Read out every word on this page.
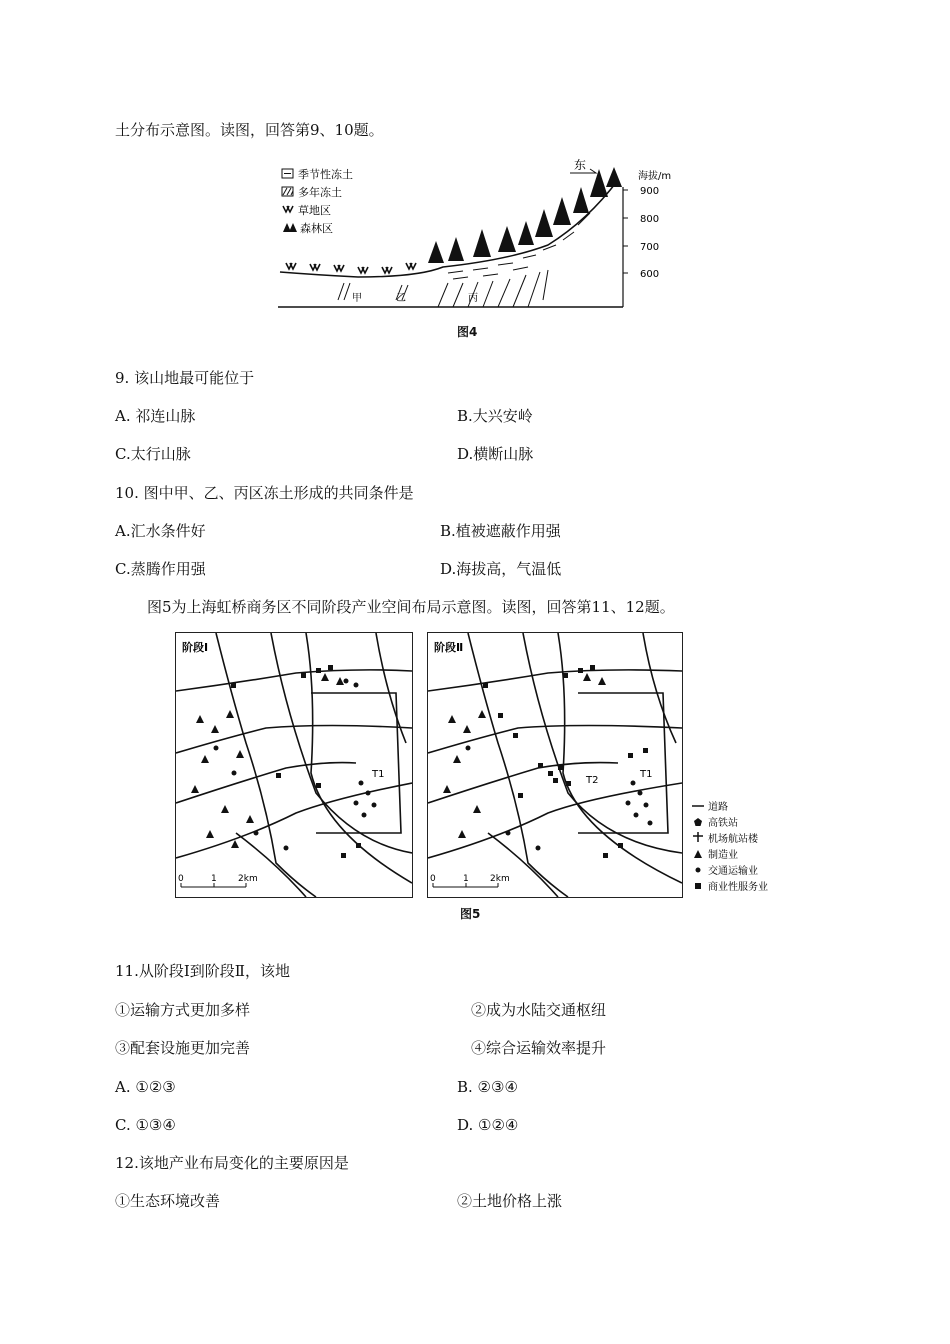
土分布示意图。读图，回答第9、10题。
季节性冻土
多年冻土
草地区
森林区
东
海拔/m
900
800
700
600
甲	乙	丙
图4
9. 该山地最可能位于
A. 祁连山脉	B.大兴安岭
C.太行山脉	D.横断山脉
10. 图中甲、乙、丙区冻土形成的共同条件是
A.汇水条件好	B.植被遮蔽作用强
C.蒸腾作用强	D.海拔高，气温低
图5为上海虹桥商务区不同阶段产业空间布局示意图。读图，回答第11、12题。
阶段Ⅰ
T1
0	1 2km
阶段Ⅱ
T1
T2
0	1 2km
道路
高铁站
机场航站楼
制造业
交通运输业
商业性服务业
图5
11.从阶段Ⅰ到阶段Ⅱ，该地
①运输方式更加多样	②成为水陆交通枢纽
③配套设施更加完善	④综合运输效率提升
A. ①②③	B. ②③④
C. ①③④	D. ①②④
12.该地产业布局变化的主要原因是
①生态环境改善	②土地价格上涨
